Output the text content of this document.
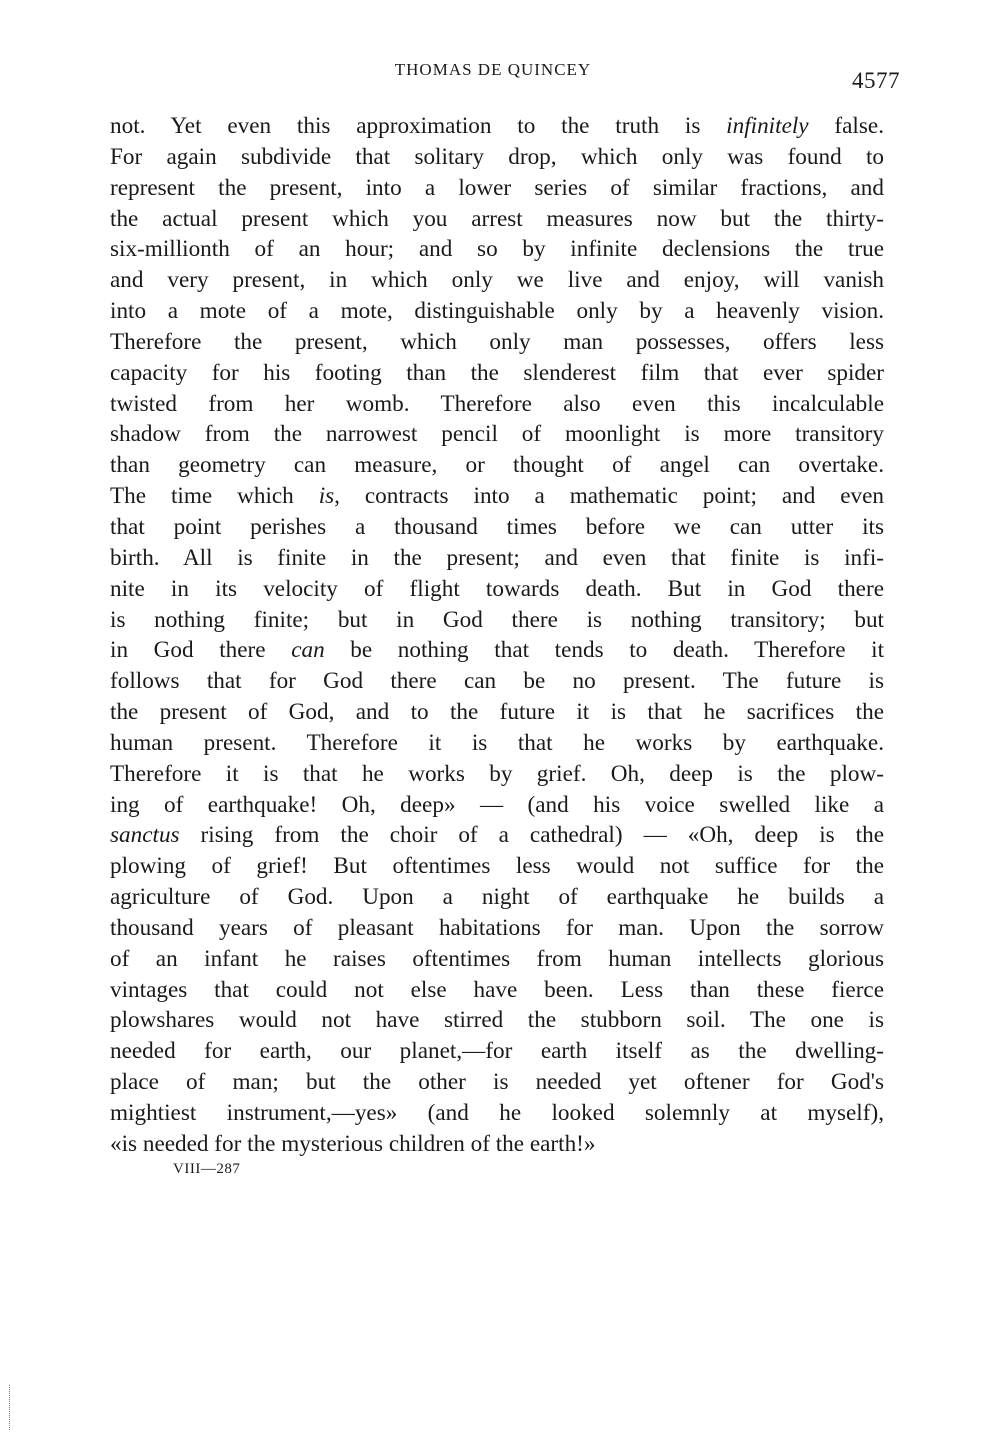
THOMAS DE QUINCEY	4577
not. Yet even this approximation to the truth is infinitely false.
For again subdivide that solitary drop, which only was found to
represent the present, into a lower series of similar fractions, and
the actual present which you arrest measures now but the thirty-
six-millionth of an hour; and so by infinite declensions the true
and very present, in which only we live and enjoy, will vanish
into a mote of a mote, distinguishable only by a heavenly vision.
Therefore the present, which only man possesses, offers less
capacity for his footing than the slenderest film that ever spider
twisted from her womb. Therefore also even this incalculable
shadow from the narrowest pencil of moonlight is more transitory
than geometry can measure, or thought of angel can overtake.
The time which is, contracts into a mathematic point; and even
that point perishes a thousand times before we can utter its
birth. All is finite in the present; and even that finite is infi-
nite in its velocity of flight towards death. But in God there
is nothing finite; but in God there is nothing transitory; but
in God there can be nothing that tends to death. Therefore it
follows that for God there can be no present. The future is
the present of God, and to the future it is that he sacrifices the
human present. Therefore it is that he works by earthquake.
Therefore it is that he works by grief. Oh, deep is the plow-
ing of earthquake! Oh, deep» — (and his voice swelled like a
sanctus rising from the choir of a cathedral) — «Oh, deep is the
plowing of grief! But oftentimes less would not suffice for the
agriculture of God. Upon a night of earthquake he builds a
thousand years of pleasant habitations for man. Upon the sorrow
of an infant he raises oftentimes from human intellects glorious
vintages that could not else have been. Less than these fierce
plowshares would not have stirred the stubborn soil. The one is
needed for earth, our planet,—for earth itself as the dwelling-
place of man; but the other is needed yet oftener for God's
mightiest instrument,—yes» (and he looked solemnly at myself),
«is needed for the mysterious children of the earth!»
VIII—287
